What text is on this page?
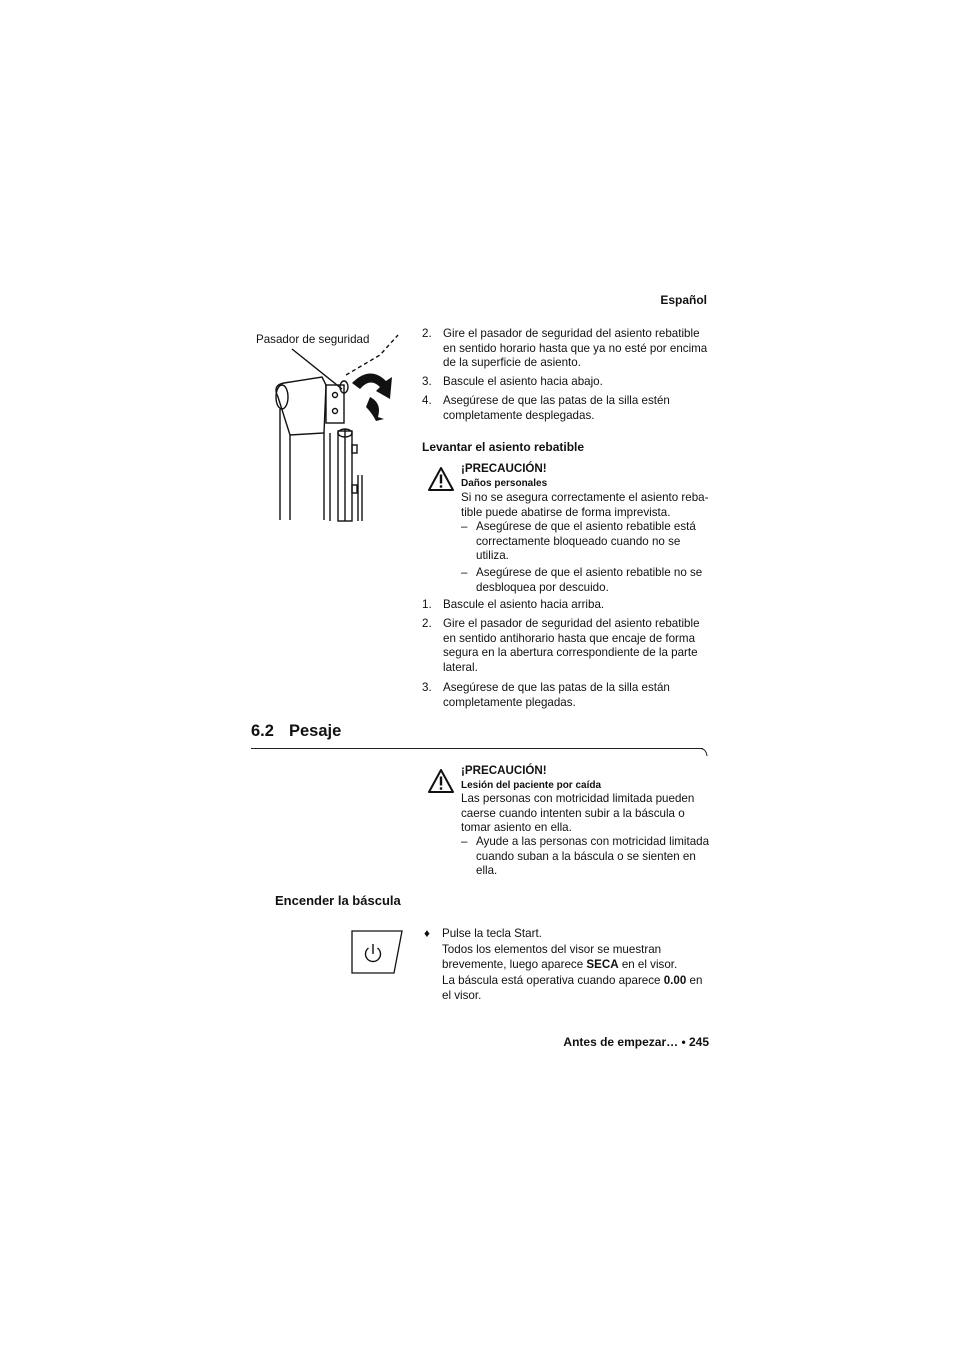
Español
Pasador de seguridad	2. Gire el pasador de seguridad del asiento rebatible en sentido horario hasta que ya no esté por encima de la superficie de asiento.
3. Bascule el asiento hacia abajo.
4. Asegúrese de que las patas de la silla estén completamente desplegadas.
Levantar el asiento rebatible
¡PRECAUCIÓN!
Daños personales
Si no se asegura correctamente el asiento reba-tible puede abatirse de forma imprevista.
– Asegúrese de que el asiento rebatible está correctamente bloqueado cuando no se utiliza.
– Asegúrese de que el asiento rebatible no se desbloquea por descuido.
1. Bascule el asiento hacia arriba.
2. Gire el pasador de seguridad del asiento rebatible en sentido antihorario hasta que encaje de forma segura en la abertura correspondiente de la parte lateral.
3. Asegúrese de que las patas de la silla están completamente plegadas.
6.2 Pesaje
¡PRECAUCIÓN!
Lesión del paciente por caída
Las personas con motricidad limitada pueden caerse cuando intenten subir a la báscula o tomar asiento en ella.
– Ayude a las personas con motricidad limitada cuando suban a la báscula o se sienten en ella.
Encender la báscula
♦ Pulse la tecla Start.
Todos los elementos del visor se muestran brevemente, luego aparece SECA en el visor.
La báscula está operativa cuando aparece 0.00 en el visor.
Antes de empezar… • 245
